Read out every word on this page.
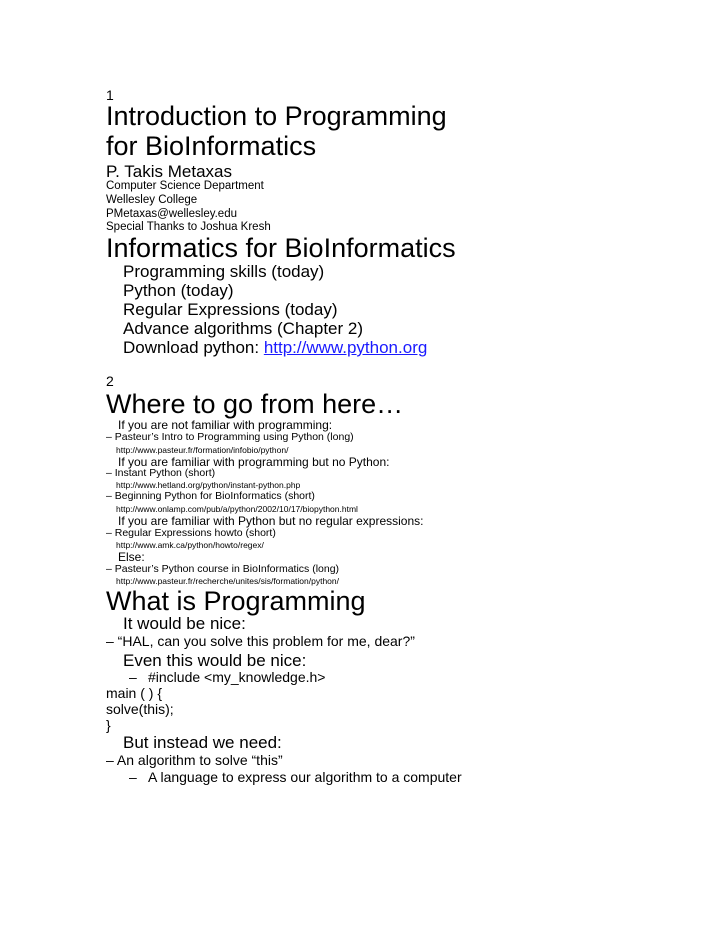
1
Introduction to Programming
for BioInformatics
P. Takis Metaxas
Computer Science Department
Wellesley College
PMetaxas@wellesley.edu
Special Thanks to Joshua Kresh
Informatics for BioInformatics
Programming skills (today)
Python (today)
Regular Expressions (today)
Advance algorithms (Chapter 2)
Download python: http://www.python.org
2
Where to go from here…
If you are not familiar with programming:
– Pasteur’s Intro to Programming using Python (long)
http://www.pasteur.fr/formation/infobio/python/
If you are familiar with programming but no Python:
– Instant Python (short)
http://www.hetland.org/python/instant-python.php
– Beginning Python for BioInformatics (short)
http://www.onlamp.com/pub/a/python/2002/10/17/biopython.html
If you are familiar with Python but no regular expressions:
– Regular Expressions howto (short)
http://www.amk.ca/python/howto/regex/
Else:
– Pasteur’s Python course in BioInformatics (long)
http://www.pasteur.fr/recherche/unites/sis/formation/python/
What is Programming
It would be nice:
– “HAL, can you solve this problem for me, dear?”
Even this would be nice:
– #include <my_knowledge.h>
main ( ) {
solve(this);
}
But instead we need:
– An algorithm to solve “this”
– A language to express our algorithm to a computer
